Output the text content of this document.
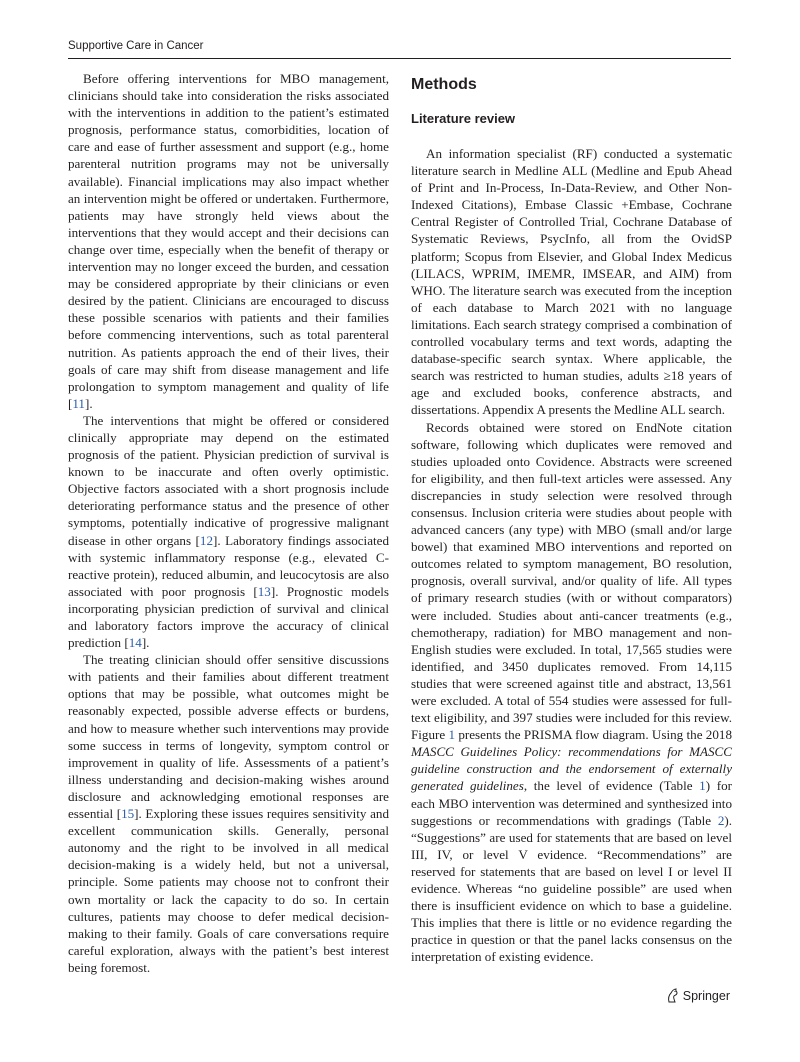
Supportive Care in Cancer

Before offering interventions for MBO management, clinicians should take into consideration the risks associated with the interventions in addition to the patient’s estimated prognosis, performance status, comorbidities, location of care and ease of further assessment and support (e.g., home parenteral nutrition programs may not be universally available). Financial implications may also impact whether an intervention might be offered or undertaken. Furthermore, patients may have strongly held views about the interventions that they would accept and their decisions can change over time, especially when the benefit of therapy or intervention may no longer exceed the burden, and cessation may be considered appropriate by their clinicians or even desired by the patient. Clinicians are encouraged to discuss these possible scenarios with patients and their families before commencing interventions, such as total parenteral nutrition. As patients approach the end of their lives, their goals of care may shift from disease management and life prolongation to symptom management and quality of life [11].

The interventions that might be offered or considered clinically appropriate may depend on the estimated prognosis of the patient. Physician prediction of survival is known to be inaccurate and often overly optimistic. Objective factors associated with a short prognosis include deteriorating performance status and the presence of other symptoms, potentially indicative of progressive malignant disease in other organs [12]. Laboratory findings associated with systemic inflammatory response (e.g., elevated C-reactive protein), reduced albumin, and leucocytosis are also associated with poor prognosis [13]. Prognostic models incorporating physician prediction of survival and clinical and laboratory factors improve the accuracy of clinical prediction [14].

The treating clinician should offer sensitive discussions with patients and their families about different treatment options that may be possible, what outcomes might be reasonably expected, possible adverse effects or burdens, and how to measure whether such interventions may provide some success in terms of longevity, symptom control or improvement in quality of life. Assessments of a patient’s illness understanding and decision-making wishes around disclosure and acknowledging emotional responses are essential [15]. Exploring these issues requires sensitivity and excellent communication skills. Generally, personal autonomy and the right to be involved in all medical decision-making is a widely held, but not a universal, principle. Some patients may choose not to confront their own mortality or lack the capacity to do so. In certain cultures, patients may choose to defer medical decision-making to their family. Goals of care conversations require careful exploration, always with the patient’s best interest being foremost.

Methods
Literature review

An information specialist (RF) conducted a systematic literature search in Medline ALL (Medline and Epub Ahead of Print and In-Process, In-Data-Review, and Other Non-Indexed Citations), Embase Classic +Embase, Cochrane Central Register of Controlled Trial, Cochrane Database of Systematic Reviews, PsycInfo, all from the OvidSP platform; Scopus from Elsevier, and Global Index Medicus (LILACS, WPRIM, IMEMR, IMSEAR, and AIM) from WHO. The literature search was executed from the inception of each database to March 2021 with no language limitations. Each search strategy comprised a combination of controlled vocabulary terms and text words, adapting the database-specific search syntax. Where applicable, the search was restricted to human studies, adults ≥18 years of age and excluded books, conference abstracts, and dissertations. Appendix A presents the Medline ALL search.

Records obtained were stored on EndNote citation software, following which duplicates were removed and studies uploaded onto Covidence. Abstracts were screened for eligibility, and then full-text articles were assessed. Any discrepancies in study selection were resolved through consensus. Inclusion criteria were studies about people with advanced cancers (any type) with MBO (small and/or large bowel) that examined MBO interventions and reported on outcomes related to symptom management, BO resolution, prognosis, overall survival, and/or quality of life. All types of primary research studies (with or without comparators) were included. Studies about anti-cancer treatments (e.g., chemotherapy, radiation) for MBO management and non-English studies were excluded. In total, 17,565 studies were identified, and 3450 duplicates removed. From 14,115 studies that were screened against title and abstract, 13,561 were excluded. A total of 554 studies were assessed for full-text eligibility, and 397 studies were included for this review. Figure 1 presents the PRISMA flow diagram. Using the 2018 MASCC Guidelines Policy: recommendations for MASCC guideline construction and the endorsement of externally generated guidelines, the level of evidence (Table 1) for each MBO intervention was determined and synthesized into suggestions or recommendations with gradings (Table 2). “Suggestions” are used for statements that are based on level III, IV, or level V evidence. “Recommendations” are reserved for statements that are based on level I or level II evidence. Whereas “no guideline possible” are used when there is insufficient evidence on which to base a guideline. This implies that there is little or no evidence regarding the practice in question or that the panel lacks consensus on the interpretation of existing evidence.

Springer
